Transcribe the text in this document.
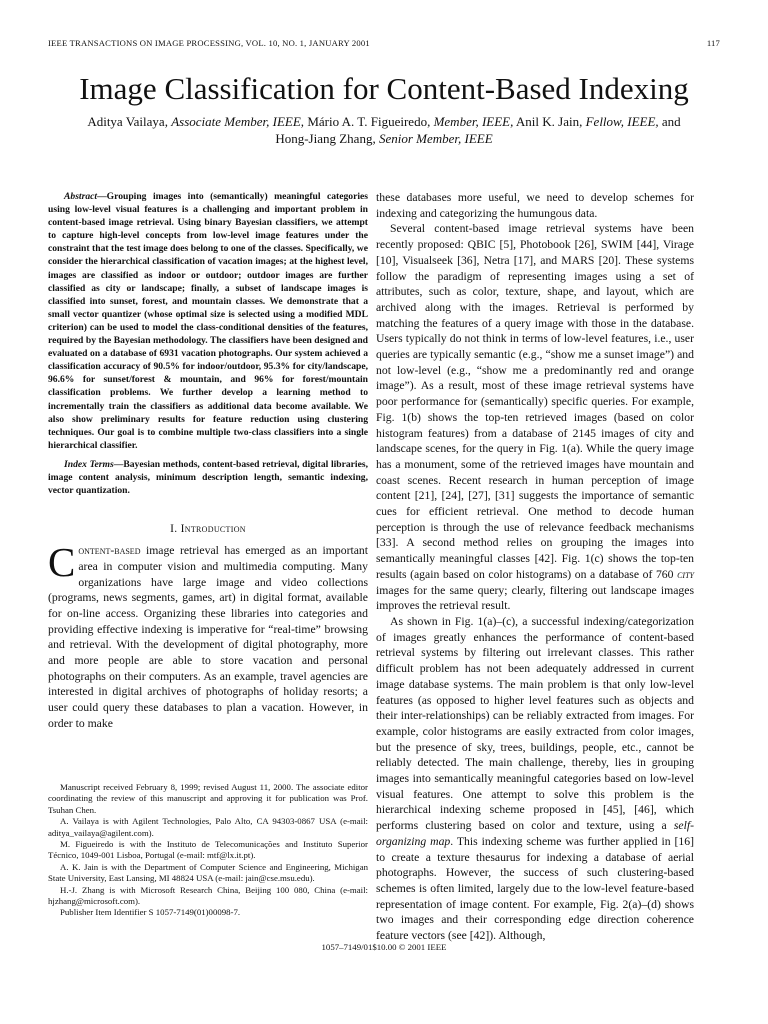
IEEE TRANSACTIONS ON IMAGE PROCESSING, VOL. 10, NO. 1, JANUARY 2001	117
Image Classification for Content-Based Indexing
Aditya Vailaya, Associate Member, IEEE, Mário A. T. Figueiredo, Member, IEEE, Anil K. Jain, Fellow, IEEE, and
Hong-Jiang Zhang, Senior Member, IEEE

Abstract—Grouping images into (semantically) meaningful categories using low-level visual features is a challenging and important problem in content-based image retrieval. Using binary Bayesian classifiers, we attempt to capture high-level concepts from low-level image features under the constraint that the test image does belong to one of the classes. Specifically, we consider the hierarchical classification of vacation images; at the highest level, images are classified as indoor or outdoor; outdoor images are further classified as city or landscape; finally, a subset of landscape images is classified into sunset, forest, and mountain classes. We demonstrate that a small vector quantizer (whose optimal size is selected using a modified MDL criterion) can be used to model the class-conditional densities of the features, required by the Bayesian methodology. The classifiers have been designed and evaluated on a database of 6931 vacation photographs. Our system achieved a classification accuracy of 90.5% for indoor/outdoor, 95.3% for city/landscape, 96.6% for sunset/forest & mountain, and 96% for forest/mountain classification problems. We further develop a learning method to incrementally train the classifiers as additional data become available. We also show preliminary results for feature reduction using clustering techniques. Our goal is to combine multiple two-class classifiers into a single hierarchical classifier.

Index Terms—Bayesian methods, content-based retrieval, digital libraries, image content analysis, minimum description length, semantic indexing, vector quantization.

I. Introduction

Content-based image retrieval has emerged as an important area in computer vision and multimedia computing. Many organizations have large image and video collections (programs, news segments, games, art) in digital format, available for on-line access. Organizing these libraries into categories and providing effective indexing is imperative for “real-time” browsing and retrieval. With the development of digital photography, more and more people are able to store vacation and personal photographs on their computers. As an example, travel agencies are interested in digital archives of photographs of holiday resorts; a user could query these databases to plan a vacation. However, in order to make

Manuscript received February 8, 1999; revised August 11, 2000. The associate editor coordinating the review of this manuscript and approving it for publication was Prof. Tsuhan Chen.

A. Vailaya is with Agilent Technologies, Palo Alto, CA 94303-0867 USA (e-mail: aditya_vailaya@agilent.com).

M. Figueiredo is with the Instituto de Telecomunicações and Instituto Superior Técnico, 1049-001 Lisboa, Portugal (e-mail: mtf@lx.it.pt).

A. K. Jain is with the Department of Computer Science and Engineering, Michigan State University, East Lansing, MI 48824 USA (e-mail: jain@cse.msu.edu).

H.-J. Zhang is with Microsoft Research China, Beijing 100 080, China (e-mail: hjzhang@microsoft.com).

Publisher Item Identifier S 1057-7149(01)00098-7.

these databases more useful, we need to develop schemes for indexing and categorizing the humungous data.

Several content-based image retrieval systems have been recently proposed: QBIC [5], Photobook [26], SWIM [44], Virage [10], Visualseek [36], Netra [17], and MARS [20]. These systems follow the paradigm of representing images using a set of attributes, such as color, texture, shape, and layout, which are archived along with the images. Retrieval is performed by matching the features of a query image with those in the database. Users typically do not think in terms of low-level features, i.e., user queries are typically semantic (e.g., “show me a sunset image”) and not low-level (e.g., “show me a predominantly red and orange image”). As a result, most of these image retrieval systems have poor performance for (semantically) specific queries. For example, Fig. 1(b) shows the top-ten retrieved images (based on color histogram features) from a database of 2145 images of city and landscape scenes, for the query in Fig. 1(a). While the query image has a monument, some of the retrieved images have mountain and coast scenes. Recent research in human perception of image content [21], [24], [27], [31] suggests the importance of semantic cues for efficient retrieval. One method to decode human perception is through the use of relevance feedback mechanisms [33]. A second method relies on grouping the images into semantically meaningful classes [42]. Fig. 1(c) shows the top-ten results (again based on color histograms) on a database of 760 city images for the same query; clearly, filtering out landscape images improves the retrieval result.

As shown in Fig. 1(a)–(c), a successful indexing/categorization of images greatly enhances the performance of content-based retrieval systems by filtering out irrelevant classes. This rather difficult problem has not been adequately addressed in current image database systems. The main problem is that only low-level features (as opposed to higher level features such as objects and their inter-relationships) can be reliably extracted from images. For example, color histograms are easily extracted from color images, but the presence of sky, trees, buildings, people, etc., cannot be reliably detected. The main challenge, thereby, lies in grouping images into semantically meaningful categories based on low-level visual features. One attempt to solve this problem is the hierarchical indexing scheme proposed in [45], [46], which performs clustering based on color and texture, using a self-organizing map. This indexing scheme was further applied in [16] to create a texture thesaurus for indexing a database of aerial photographs. However, the success of such clustering-based schemes is often limited, largely due to the low-level feature-based representation of image content. For example, Fig. 2(a)–(d) shows two images and their corresponding edge direction coherence feature vectors (see [42]). Although,

1057–7149/01$10.00 © 2001 IEEE
